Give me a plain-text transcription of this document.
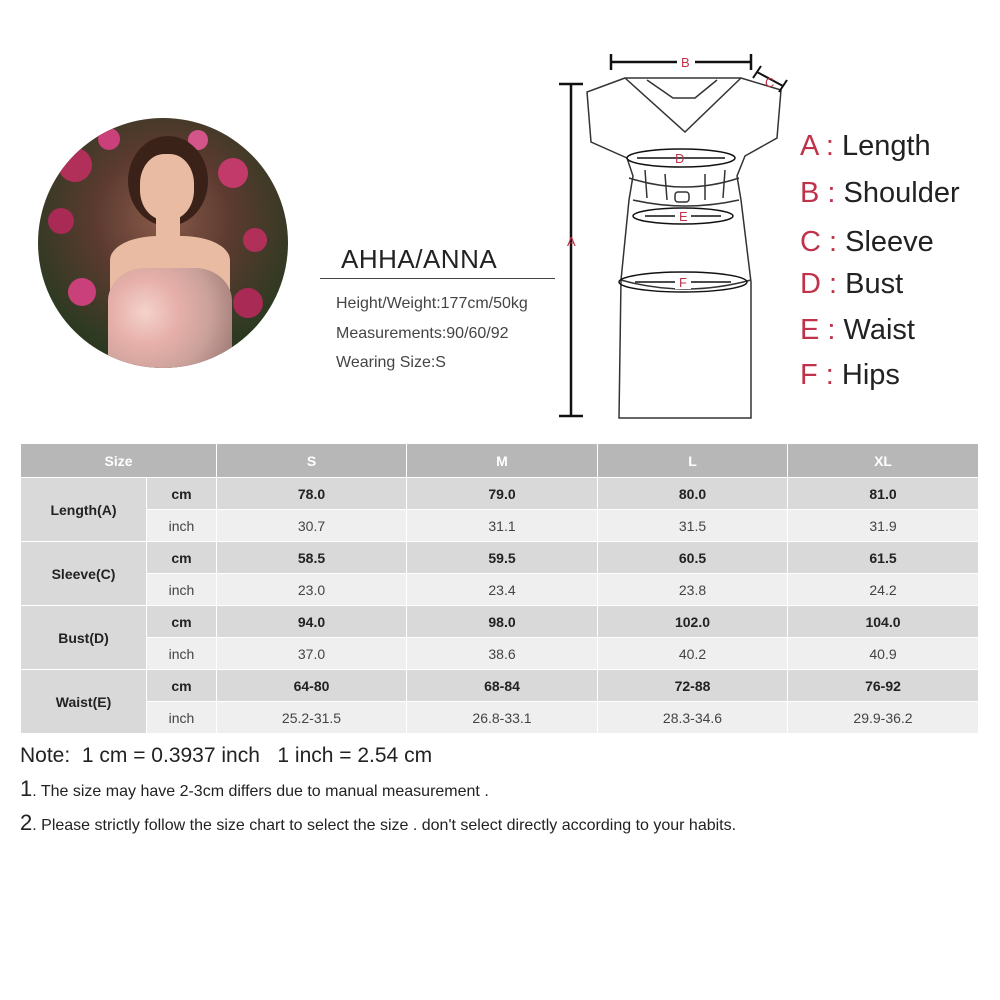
AHHA/ANNA
Height/Weight:177cm/50kg
Measurements:90/60/92
Wearing Size:S
A
B
C
D
E
F
A : Length
B : Shoulder
C : Sleeve
D : Bust
E : Waist
F : Hips
Size		S	M	L	XL
Length(A)	cm	78.0	79.0	80.0	81.0
	inch	30.7	31.1	31.5	31.9
Sleeve(C)	cm	58.5	59.5	60.5	61.5
	inch	23.0	23.4	23.8	24.2
Bust(D)	cm	94.0	98.0	102.0	104.0
	inch	37.0	38.6	40.2	40.9
Waist(E)	cm	64-80	68-84	72-88	76-92
	inch	25.2-31.5	26.8-33.1	28.3-34.6	29.9-36.2
Note:  1 cm = 0.3937 inch   1 inch = 2.54 cm
1. The size may have 2-3cm differs due to manual measurement .
2. Please strictly follow the size chart to select the size . don't select directly according to your habits.
